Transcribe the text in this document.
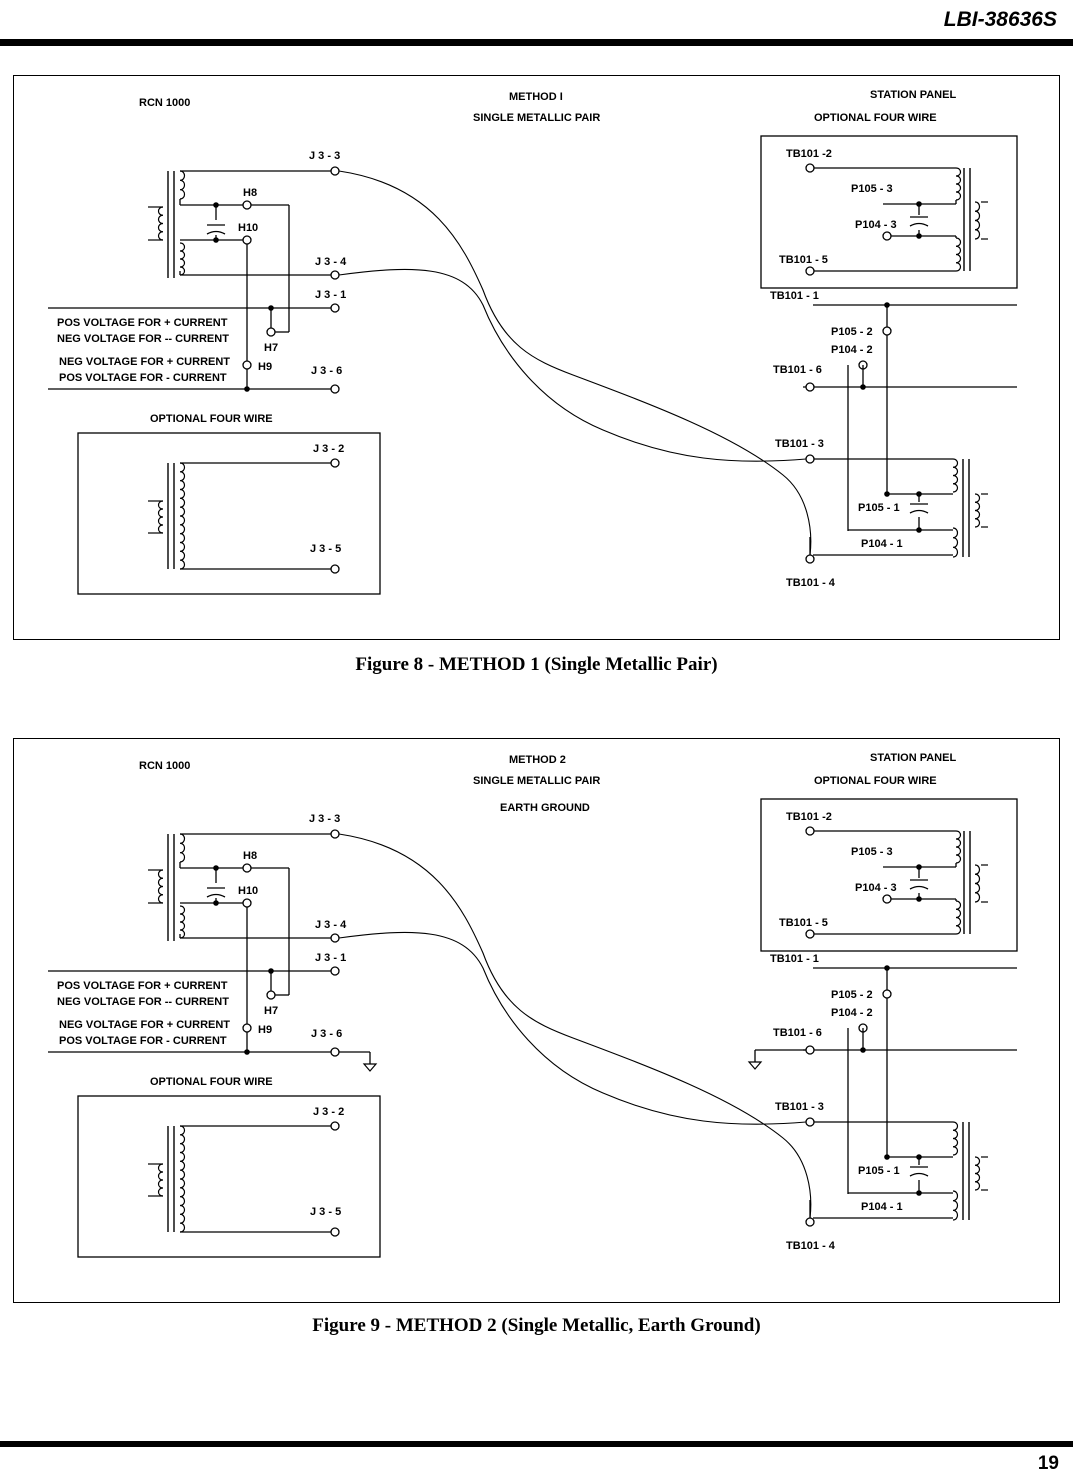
LBI-38636S
RCN 1000	METHOD I
SINGLE METALLIC PAIR
STATION PANEL
OPTIONAL FOUR WIRE
H8
H10
H7
H9
J 3 - 3
J 3 - 4
J 3 - 1
POS VOLTAGE FOR + CURRENT
NEG VOLTAGE FOR -- CURRENT
J 3 - 6
NEG VOLTAGE FOR + CURRENT
POS VOLTAGE FOR - CURRENT
OPTIONAL FOUR WIRE
J 3 - 2
J 3 - 5
TB101 -2
P105 - 3
P104 - 3
TB101 - 5
TB101 - 1
P105 - 2
P104 - 2
TB101 - 6
TB101 - 3
P105 - 1
P104 - 1
TB101 - 4
Figure 8 - METHOD 1 (Single Metallic Pair)
RCN 1000	METHOD 2
SINGLE METALLIC PAIR
EARTH GROUND
STATION PANEL
OPTIONAL FOUR WIRE
H8
H10
H7
H9
J 3 - 3
J 3 - 4
J 3 - 1
POS VOLTAGE FOR + CURRENT
NEG VOLTAGE FOR -- CURRENT
J 3 - 6
NEG VOLTAGE FOR + CURRENT
POS VOLTAGE FOR - CURRENT
OPTIONAL FOUR WIRE
J 3 - 2
J 3 - 5
TB101 -2
P105 - 3
P104 - 3
TB101 - 5
TB101 - 1
P105 - 2
P104 - 2
TB101 - 6
TB101 - 3
P105 - 1
P104 - 1
TB101 - 4
Figure 9 - METHOD 2 (Single Metallic, Earth Ground)
19
